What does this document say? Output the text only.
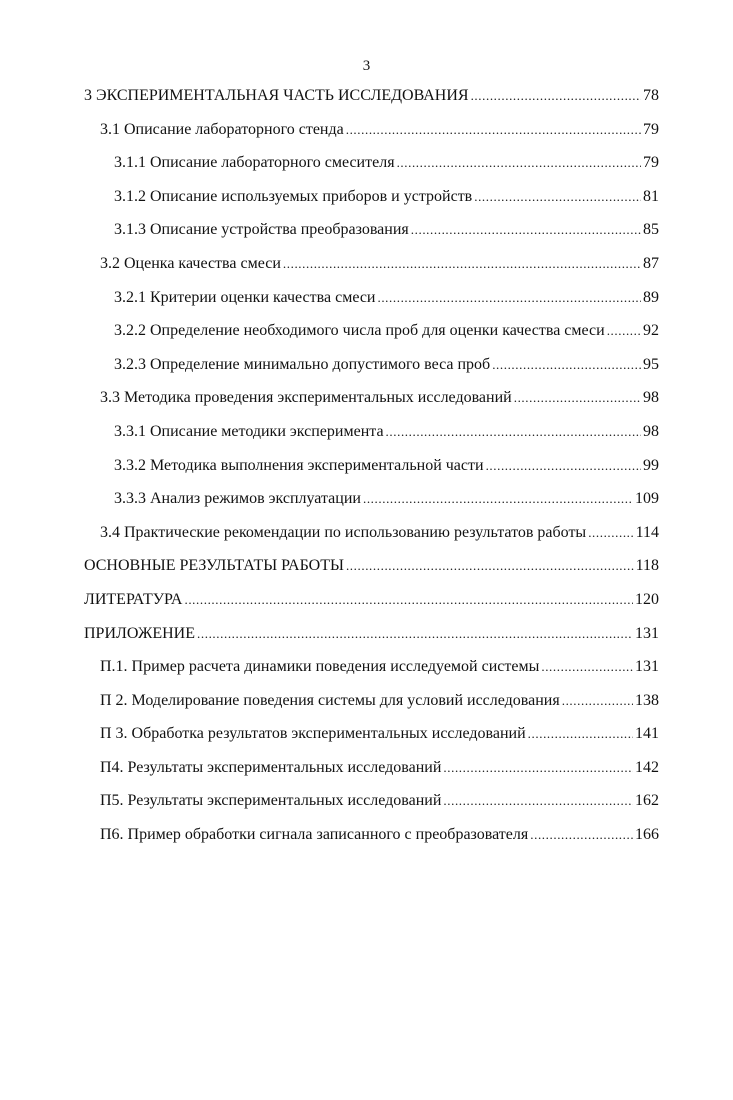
3
3 ЭКСПЕРИМЕНТАЛЬНАЯ ЧАСТЬ ИССЛЕДОВАНИЯ .....	78
3.1 Описание лабораторного стенда .....	79
3.1.1 Описание лабораторного смесителя .....	79
3.1.2 Описание используемых приборов и устройств .....	81
3.1.3 Описание устройства преобразования .....	85
3.2 Оценка качества смеси .....	87
3.2.1 Критерии оценки качества смеси .....	89
3.2.2 Определение необходимого числа проб для оценки качества смеси ..... 92
3.2.3 Определение минимально допустимого веса проб .....	95
3.3 Методика проведения экспериментальных исследований .....	98
3.3.1 Описание методики эксперимента .....	98
3.3.2 Методика выполнения экспериментальной части .....	99
3.3.3 Анализ режимов эксплуатации .....	109
3.4 Практические рекомендации по использованию результатов работы .....	114
ОСНОВНЫЕ РЕЗУЛЬТАТЫ РАБОТЫ .....	118
ЛИТЕРАТУРА .....	120
ПРИЛОЖЕНИЕ .....	131
П.1. Пример расчета динамики поведения исследуемой системы .....	131
П 2. Моделирование поведения системы для условий исследования .....	138
П 3. Обработка результатов экспериментальных исследований .....	141
П4. Результаты экспериментальных исследований .....	142
П5. Результаты экспериментальных исследований .....	162
П6. Пример обработки сигнала записанного с преобразователя .....	166
